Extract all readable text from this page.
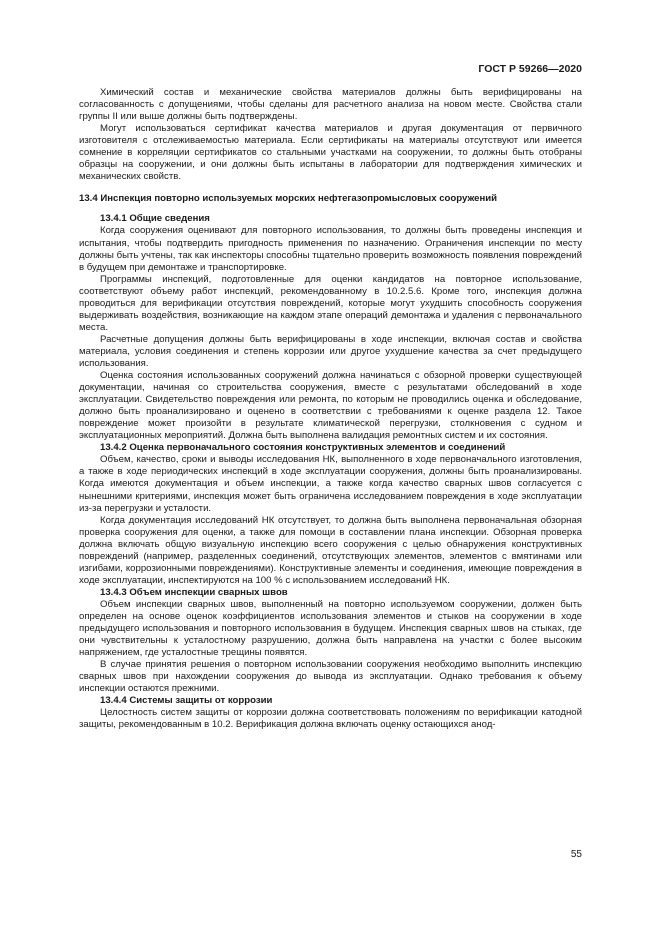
ГОСТ Р 59266—2020

Химический состав и механические свойства материалов должны быть верифицированы на согласованность с допущениями, чтобы сделаны для расчетного анализа на новом месте. Свойства стали группы II или выше должны быть подтверждены.

Могут использоваться сертификат качества материалов и другая документация от первичного изготовителя с отслеживаемостью материала. Если сертификаты на материалы отсутствуют или имеется сомнение в корреляции сертификатов со стальными участками на сооружении, то должны быть отобраны образцы на сооружении, и они должны быть испытаны в лаборатории для подтверждения химических и механических свойств.

13.4 Инспекция повторно используемых морских нефтегазопромысловых сооружений
13.4.1 Общие сведения

Когда сооружения оценивают для повторного использования, то должны быть проведены инспекция и испытания, чтобы подтвердить пригодность применения по назначению. Ограничения инспекции по месту должны быть учтены, так как инспекторы способны тщательно проверить возможность появления повреждений в будущем при демонтаже и транспортировке.

Программы инспекций, подготовленные для оценки кандидатов на повторное использование, соответствуют объему работ инспекций, рекомендованному в 10.2.5.6. Кроме того, инспекция должна проводиться для верификации отсутствия повреждений, которые могут ухудшить способность сооружения выдерживать воздействия, возникающие на каждом этапе операций демонтажа и удаления с первоначального места.

Расчетные допущения должны быть верифицированы в ходе инспекции, включая состав и свойства материала, условия соединения и степень коррозии или другое ухудшение качества за счет предыдущего использования.

Оценка состояния использованных сооружений должна начинаться с обзорной проверки существующей документации, начиная со строительства сооружения, вместе с результатами обследований в ходе эксплуатации. Свидетельство повреждения или ремонта, по которым не проводились оценка и обследование, должно быть проанализировано и оценено в соответствии с требованиями к оценке раздела 12. Такое повреждение может произойти в результате климатической перегрузки, столкновения с судном и эксплуатационных мероприятий. Должна быть выполнена валидация ремонтных систем и их состояния.

13.4.2 Оценка первоначального состояния конструктивных элементов и соединений

Объем, качество, сроки и выводы исследования НК, выполненного в ходе первоначального изготовления, а также в ходе периодических инспекций в ходе эксплуатации сооружения, должны быть проанализированы. Когда имеются документация и объем инспекции, а также когда качество сварных швов согласуется с нынешними критериями, инспекция может быть ограничена исследованием повреждения в ходе эксплуатации из-за перегрузки и усталости.

Когда документация исследований НК отсутствует, то должна быть выполнена первоначальная обзорная проверка сооружения для оценки, а также для помощи в составлении плана инспекции. Обзорная проверка должна включать общую визуальную инспекцию всего сооружения с целью обнаружения конструктивных повреждений (например, разделенных соединений, отсутствующих элементов, элементов с вмятинами или изгибами, коррозионными повреждениями). Конструктивные элементы и соединения, имеющие повреждения в ходе эксплуатации, инспектируются на 100 % с использованием исследований НК.

13.4.3 Объем инспекции сварных швов

Объем инспекции сварных швов, выполненный на повторно используемом сооружении, должен быть определен на основе оценок коэффициентов использования элементов и стыков на сооружении в ходе предыдущего использования и повторного использования в будущем. Инспекция сварных швов на стыках, где они чувствительны к усталостному разрушению, должна быть направлена на участки с более высоким напряжением, где усталостные трещины появятся.

В случае принятия решения о повторном использовании сооружения необходимо выполнить инспекцию сварных швов при нахождении сооружения до вывода из эксплуатации. Однако требования к объему инспекции остаются прежними.

13.4.4 Системы защиты от коррозии

Целостность систем защиты от коррозии должна соответствовать положениям по верификации катодной защиты, рекомендованным в 10.2. Верификация должна включать оценку остающихся анод-

55
